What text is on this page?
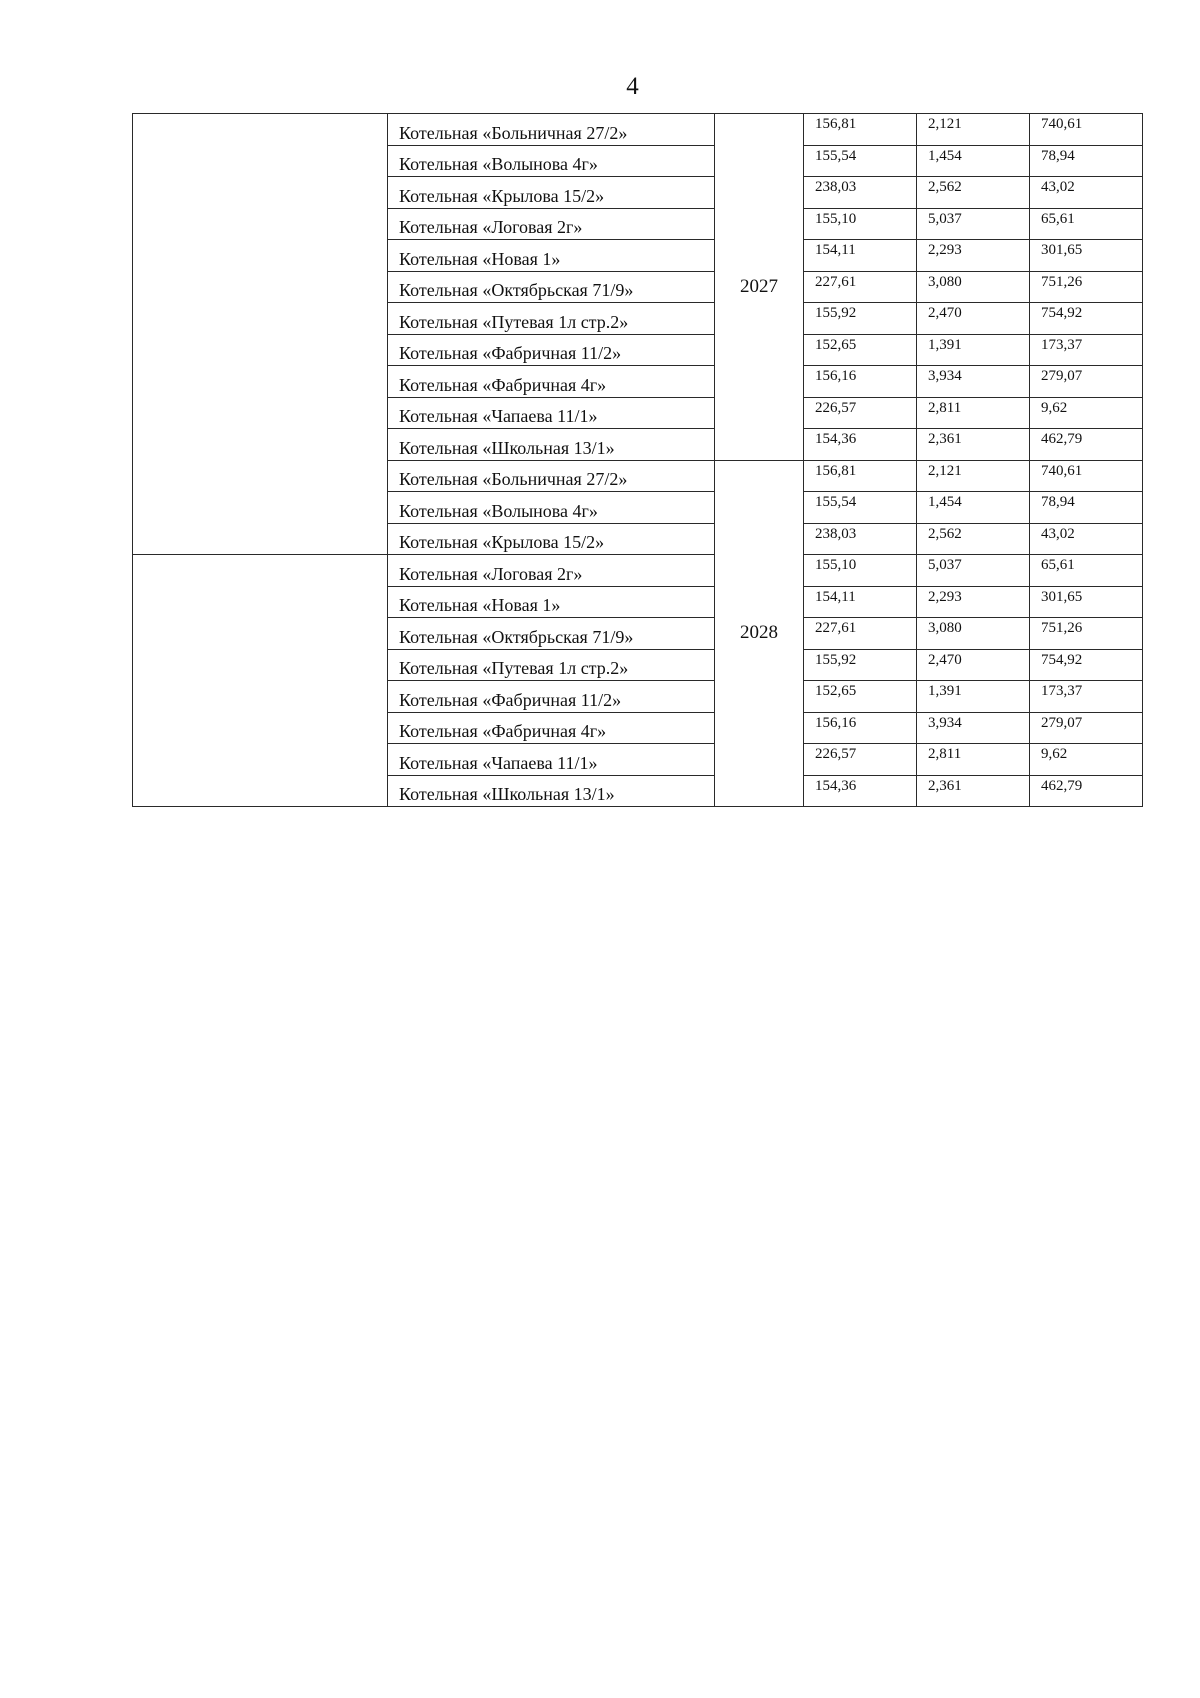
4
	Котельная «Больничная 27/2»	2027	156,81	2,121	740,61
	Котельная «Волынова 4г»		155,54	1,454	78,94
	Котельная «Крылова 15/2»		238,03	2,562	43,02
	Котельная «Логовая 2г»		155,10	5,037	65,61
	Котельная «Новая 1»		154,11	2,293	301,65
	Котельная «Октябрьская 71/9»		227,61	3,080	751,26
	Котельная «Путевая 1л стр.2»		155,92	2,470	754,92
	Котельная «Фабричная 11/2»		152,65	1,391	173,37
	Котельная «Фабричная 4г»		156,16	3,934	279,07
	Котельная «Чапаева 11/1»		226,57	2,811	9,62
	Котельная «Школьная 13/1»		154,36	2,361	462,79
	Котельная «Больничная 27/2»	2028	156,81	2,121	740,61
	Котельная «Волынова 4г»		155,54	1,454	78,94
	Котельная «Крылова 15/2»		238,03	2,562	43,02
	Котельная «Логовая 2г»		155,10	5,037	65,61
	Котельная «Новая 1»		154,11	2,293	301,65
	Котельная «Октябрьская 71/9»		227,61	3,080	751,26
	Котельная «Путевая 1л стр.2»		155,92	2,470	754,92
	Котельная «Фабричная 11/2»		152,65	1,391	173,37
	Котельная «Фабричная 4г»		156,16	3,934	279,07
	Котельная «Чапаева 11/1»		226,57	2,811	9,62
	Котельная «Школьная 13/1»		154,36	2,361	462,79
